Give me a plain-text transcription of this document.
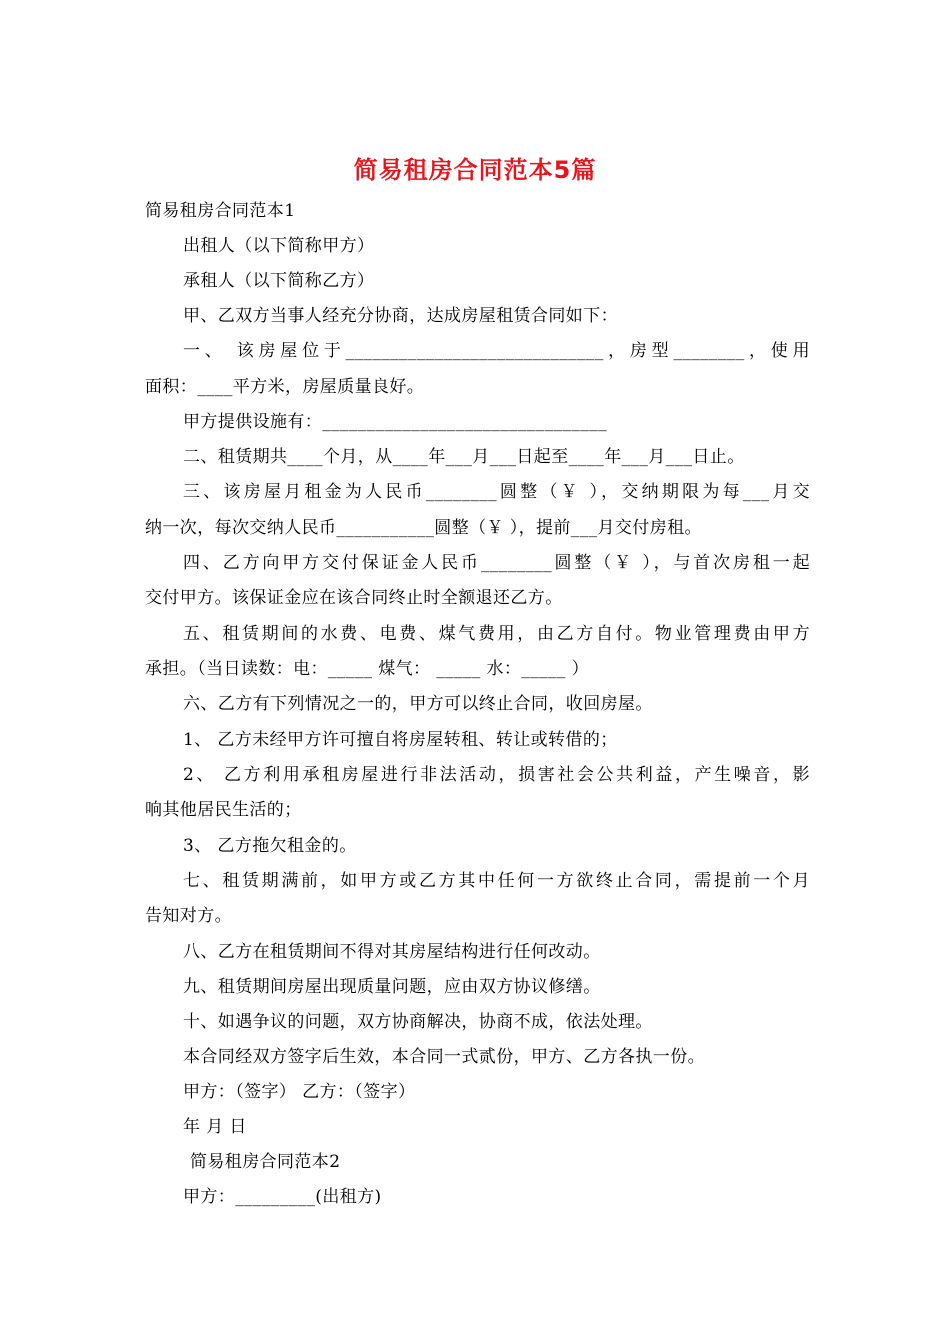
简易租房合同范本5篇
简易租房合同范本1
出租人（以下简称甲方）
承租人（以下简称乙方）
甲、乙双方当事人经充分协商，达成房屋租赁合同如下：
一、 该房屋位于_____________________________，房型________，使用
面积：____平方米，房屋质量良好。
甲方提供设施有：________________________________
二、租赁期共____个月，从____年___月___日起至____年___月___日止。
三、该房屋月租金为人民币________圆整（￥ ），交纳期限为每___月交
纳一次，每次交纳人民币___________圆整（￥ ），提前___月交付房租。
四、乙方向甲方交付保证金人民币________圆整（￥ ），与首次房租一起
交付甲方。该保证金应在该合同终止时全额退还乙方。
五、租赁期间的水费、电费、煤气费用，由乙方自付。物业管理费由甲方
承担。（当日读数：电：_____ 煤气： _____ 水：_____ ）
六、乙方有下列情况之一的，甲方可以终止合同，收回房屋。
1、 乙方未经甲方许可擅自将房屋转租、转让或转借的；
2、 乙方利用承租房屋进行非法活动，损害社会公共利益，产生噪音，影
响其他居民生活的；
3、 乙方拖欠租金的。
七、租赁期满前，如甲方或乙方其中任何一方欲终止合同，需提前一个月
告知对方。
八、乙方在租赁期间不得对其房屋结构进行任何改动。
九、租赁期间房屋出现质量问题，应由双方协议修缮。
十、如遇争议的问题，双方协商解决，协商不成，依法处理。
本合同经双方签字后生效，本合同一式贰份，甲方、乙方各执一份。
甲方：（签字） 乙方：（签字）
年 月 日
简易租房合同范本2
甲方：_________(出租方)
